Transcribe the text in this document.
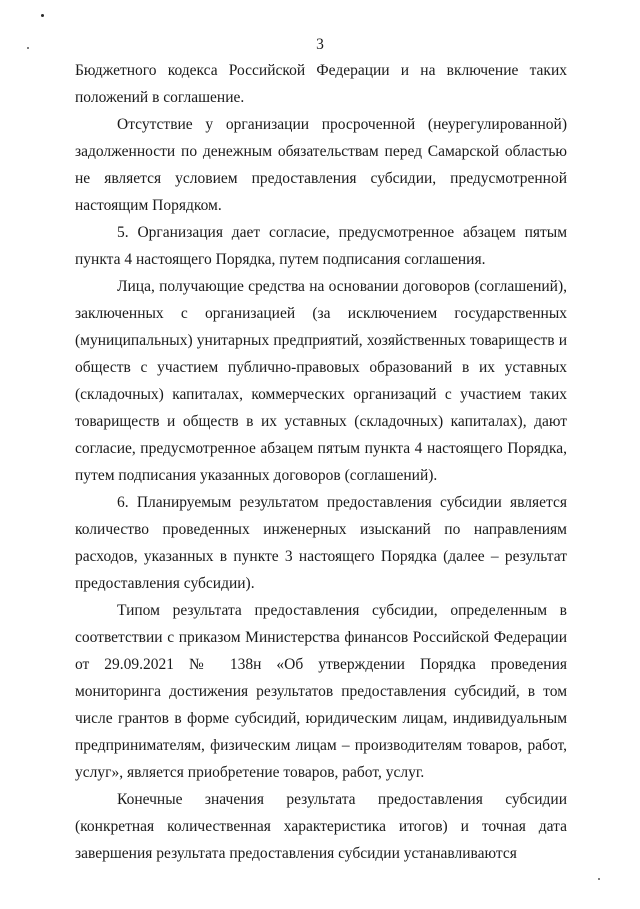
3

Бюджетного кодекса Российской Федерации и на включение таких положений в соглашение.

Отсутствие у организации просроченной (неурегулированной) задолженности по денежным обязательствам перед Самарской областью не является условием предоставления субсидии, предусмотренной настоящим Порядком.

5. Организация дает согласие, предусмотренное абзацем пятым пункта 4 настоящего Порядка, путем подписания соглашения.

Лица, получающие средства на основании договоров (соглашений), заключенных с организацией (за исключением государственных (муниципальных) унитарных предприятий, хозяйственных товариществ и обществ с участием публично-правовых образований в их уставных (складочных) капиталах, коммерческих организаций с участием таких товариществ и обществ в их уставных (складочных) капиталах), дают согласие, предусмотренное абзацем пятым пункта 4 настоящего Порядка, путем подписания указанных договоров (соглашений).

6. Планируемым результатом предоставления субсидии является количество проведенных инженерных изысканий по направлениям расходов, указанных в пункте 3 настоящего Порядка (далее – результат предоставления субсидии).

Типом результата предоставления субсидии, определенным в соответствии с приказом Министерства финансов Российской Федерации от 29.09.2021 № 138н «Об утверждении Порядка проведения мониторинга достижения результатов предоставления субсидий, в том числе грантов в форме субсидий, юридическим лицам, индивидуальным предпринимателям, физическим лицам – производителям товаров, работ, услуг», является приобретение товаров, работ, услуг.

Конечные значения результата предоставления субсидии (конкретная количественная характеристика итогов) и точная дата завершения результата предоставления субсидии устанавливаются
